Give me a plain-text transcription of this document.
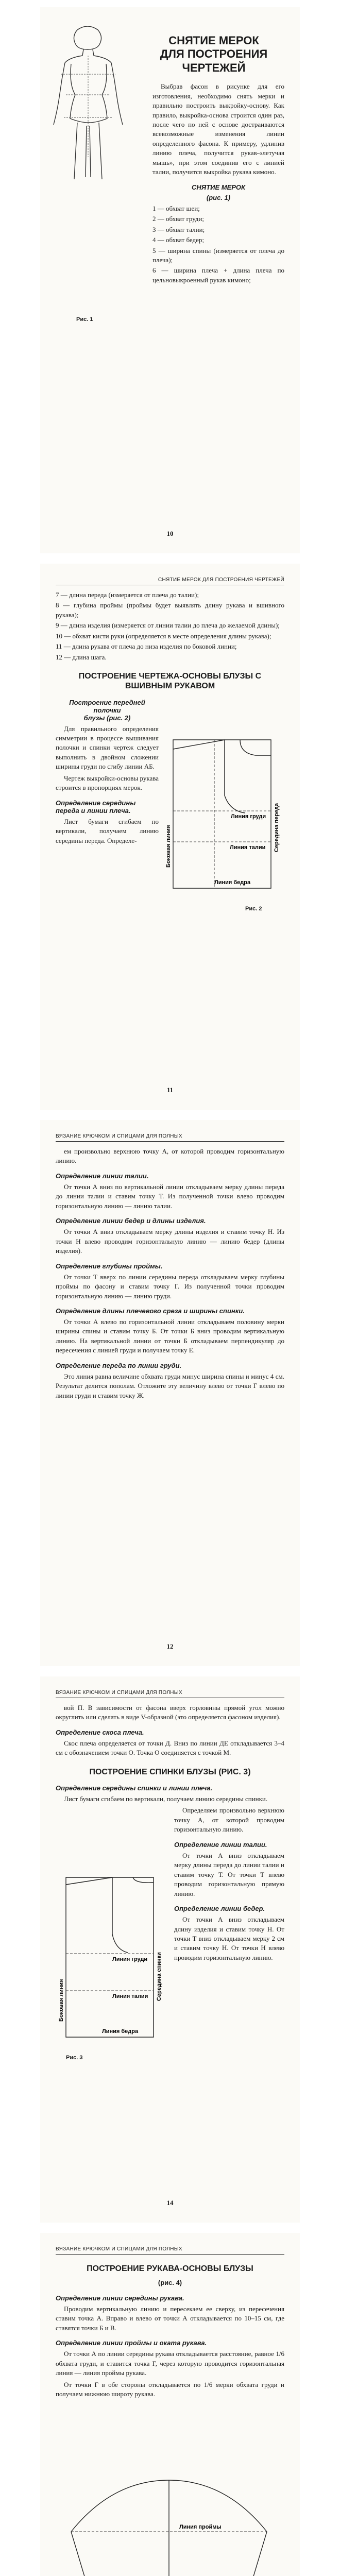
СНЯТИЕ МЕРОК
ДЛЯ ПОСТРОЕНИЯ ЧЕРТЕЖЕЙ

Выбрав фасон в рисунке для его изготовления, необходимо снять мерки и правильно построить выкройку-основу. Как правило, выкройка-основа строится один раз, после чего по ней с основе достраиваются всевозможные изменения линии определенного фасона. К примеру, удлинив линию плеча, получится рукав-«летучая мышь», при этом соединив его с линией талии, получится выкройка рукава кимоно.

СНЯТИЕ МЕРОК
(рис. 1)

1 — обхват шеи;

2 — обхват груди;

3 — обхват талии;

4 — обхват бедер;

5 — ширина спины (измеряется от плеча до плеча);

6 — ширина плеча + длина плеча по цельновыкроенный рукав кимоно;

Рис. 1
10
СНЯТИЕ МЕРОК ДЛЯ ПОСТРОЕНИЯ ЧЕРТЕЖЕЙ

7 — длина переда (измеряется от плеча до талии);

8 — глубина проймы (проймы будет выявлять длину рукава и вшивного рукава);

9 — длина изделия (измеряется от линии талии до плеча до желаемой длины);

10 — обхват кисти руки (определяется в месте определения длины рукава);

11 — длина рукава от плеча до низа изделия по боковой линии;

12 — длина шага.

ПОСТРОЕНИЕ ЧЕРТЕЖА-ОСНОВЫ БЛУЗЫ С ВШИВНЫМ РУКАВОМ
Построение передней полочки
блузы (рис. 2)

Для правильного определения симметрии в процессе вышивания полочки и спинки чертеж следует выполнить в двойном сложении ширины груди по сгибу линии АБ.

Чертеж выкройки-основы рукава строится в пропорциях мерок.

Определение середины переда и линии плеча.

Лист бумаги сгибаем по вертикали, получаем линию середины переда. Определе-

Линия талии
Линия груди
Линия бедра
Середина переда
Боковая линия
Рис. 2
11
ВЯЗАНИЕ КРЮЧКОМ И СПИЦАМИ ДЛЯ ПОЛНЫХ

ем произвольно верхнюю точку А, от которой проводим горизонтальную линию.

Определение линии талии.

От точки А вниз по вертикальной линии откладываем мерку длины переда до линии талии и ставим точку Т. Из полученной точки влево проводим горизонтальную линию — линию талии.

Определение линии бедер и длины изделия.

От точки А вниз откладываем мерку длины изделия и ставим точку Н. Из точки Н влево проводим горизонтальную линию — линию бедер (длины изделия).

Определение глубины проймы.

От точки Т вверх по линии середины переда откладываем мерку глубины проймы по фасону и ставим точку Г. Из полученной точки проводим горизонтальную линию — линию груди.

Определение длины плечевого среза и ширины спинки.

От точки А влево по горизонтальной линии откладываем половину мерки ширины спины и ставим точку Б. От точки Б вниз проводим вертикальную линию. На вертикальной линии от точки Б откладываем перпендикуляр до пересечения с линией груди и получаем точку Е.

Определение переда по линии груди.

Это линия равна величине обхвата груди минус ширина спины и минус 4 см. Результат делится пополам. Отложите эту величину влево от точки Г влево по линии груди и ставим точку Ж.

12
ВЯЗАНИЕ КРЮЧКОМ И СПИЦАМИ ДЛЯ ПОЛНЫХ

вой П. В зависимости от фасона вверх горловины прямой угол можно округлить или сделать в виде V-образной (это определяется фасоном изделия).

Определение скоса плеча.

Скос плеча определяется от точки Д. Вниз по линии ДЕ откладывается 3–4 см с обозначением точки О. Точка О соединяется с точкой М.

ПОСТРОЕНИЕ СПИНКИ БЛУЗЫ (РИС. 3)
Определение середины спинки и линии плеча.

Лист бумаги сгибаем по вертикали, получаем линию середины спинки.

Определяем произвольно верхнюю точку А, от которой проводим горизонтальную линию.

Определение линии талии.

От точки А вниз откладываем мерку длины переда до линии талии и ставим точку Т. От точки Т влево проводим горизонтальную прямую линию.

Определение линии бедер.

От точки А вниз откладываем длину изделия и ставим точку Н. От точки Т вниз откладываем мерку 2 см и ставим точку Н. От точки Н влево проводим горизонтальную линию.

Линия груди
Линия талии
Линия бедра
Середина спинки
Боковая линия
Рис. 3
14
ВЯЗАНИЕ КРЮЧКОМ И СПИЦАМИ ДЛЯ ПОЛНЫХ
ПОСТРОЕНИЕ РУКАВА-ОСНОВЫ БЛУЗЫ
(рис. 4)
Определение линии середины рукава.

Проводим вертикальную линию и пересекаем ее сверху, из пересечения ставим точка А. Вправо и влево от точки А откладывается по 10–15 см, где ставятся точки Б и В.

Определение линии проймы и оката рукава.

От точки А по линии середины рукава откладывается расстояние, равное 1/6 обхвата груди, и ставится точка Г, через которую проводится горизонтальная линия — линия проймы рукава.

От точки Г в обе стороны откладывается по 1/6 мерки обхвата груди и получаем нижнюю широту рукава.

Линия проймы
